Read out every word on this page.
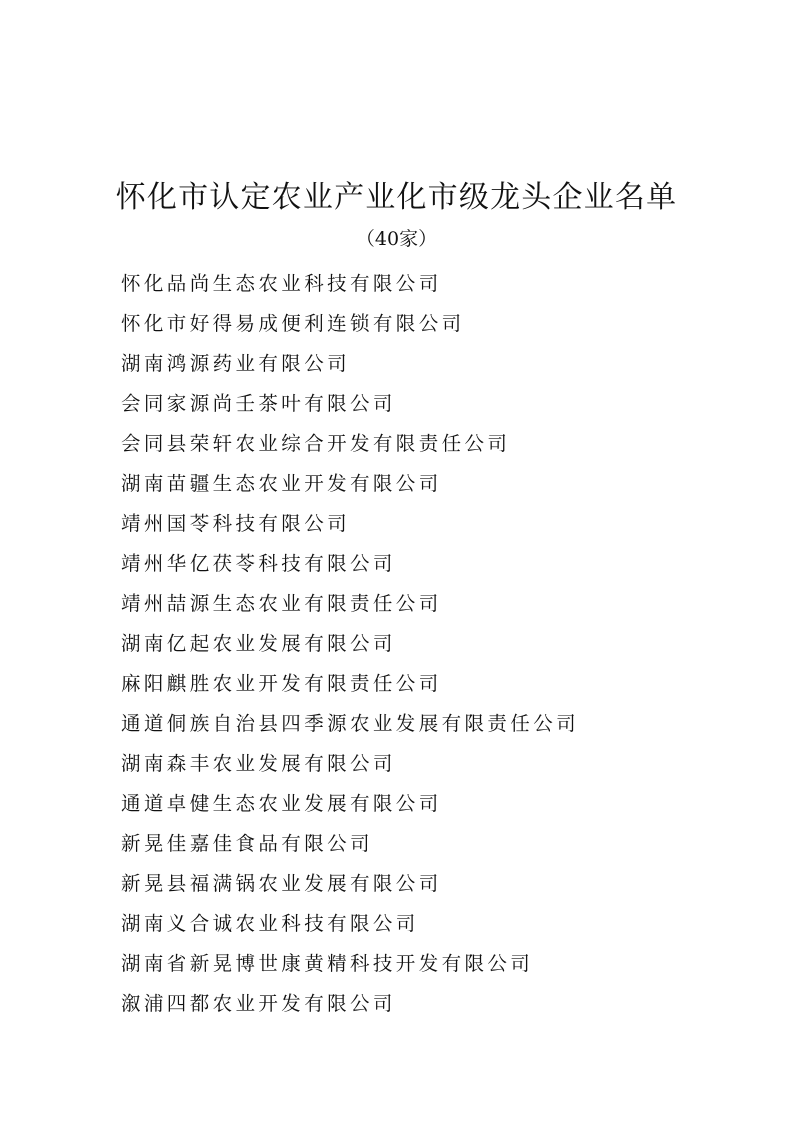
怀化市认定农业产业化市级龙头企业名单

（40家）

怀化品尚生态农业科技有限公司
怀化市好得易成便利连锁有限公司
湖南鸿源药业有限公司
会同家源尚壬茶叶有限公司
会同县荣轩农业综合开发有限责任公司
湖南苗疆生态农业开发有限公司
靖州国苓科技有限公司
靖州华亿茯苓科技有限公司
靖州喆源生态农业有限责任公司
湖南亿起农业发展有限公司
麻阳麒胜农业开发有限责任公司
通道侗族自治县四季源农业发展有限责任公司
湖南森丰农业发展有限公司
通道卓健生态农业发展有限公司
新晃佳嘉佳食品有限公司
新晃县福满锅农业发展有限公司
湖南义合诚农业科技有限公司
湖南省新晃博世康黄精科技开发有限公司
溆浦四都农业开发有限公司
